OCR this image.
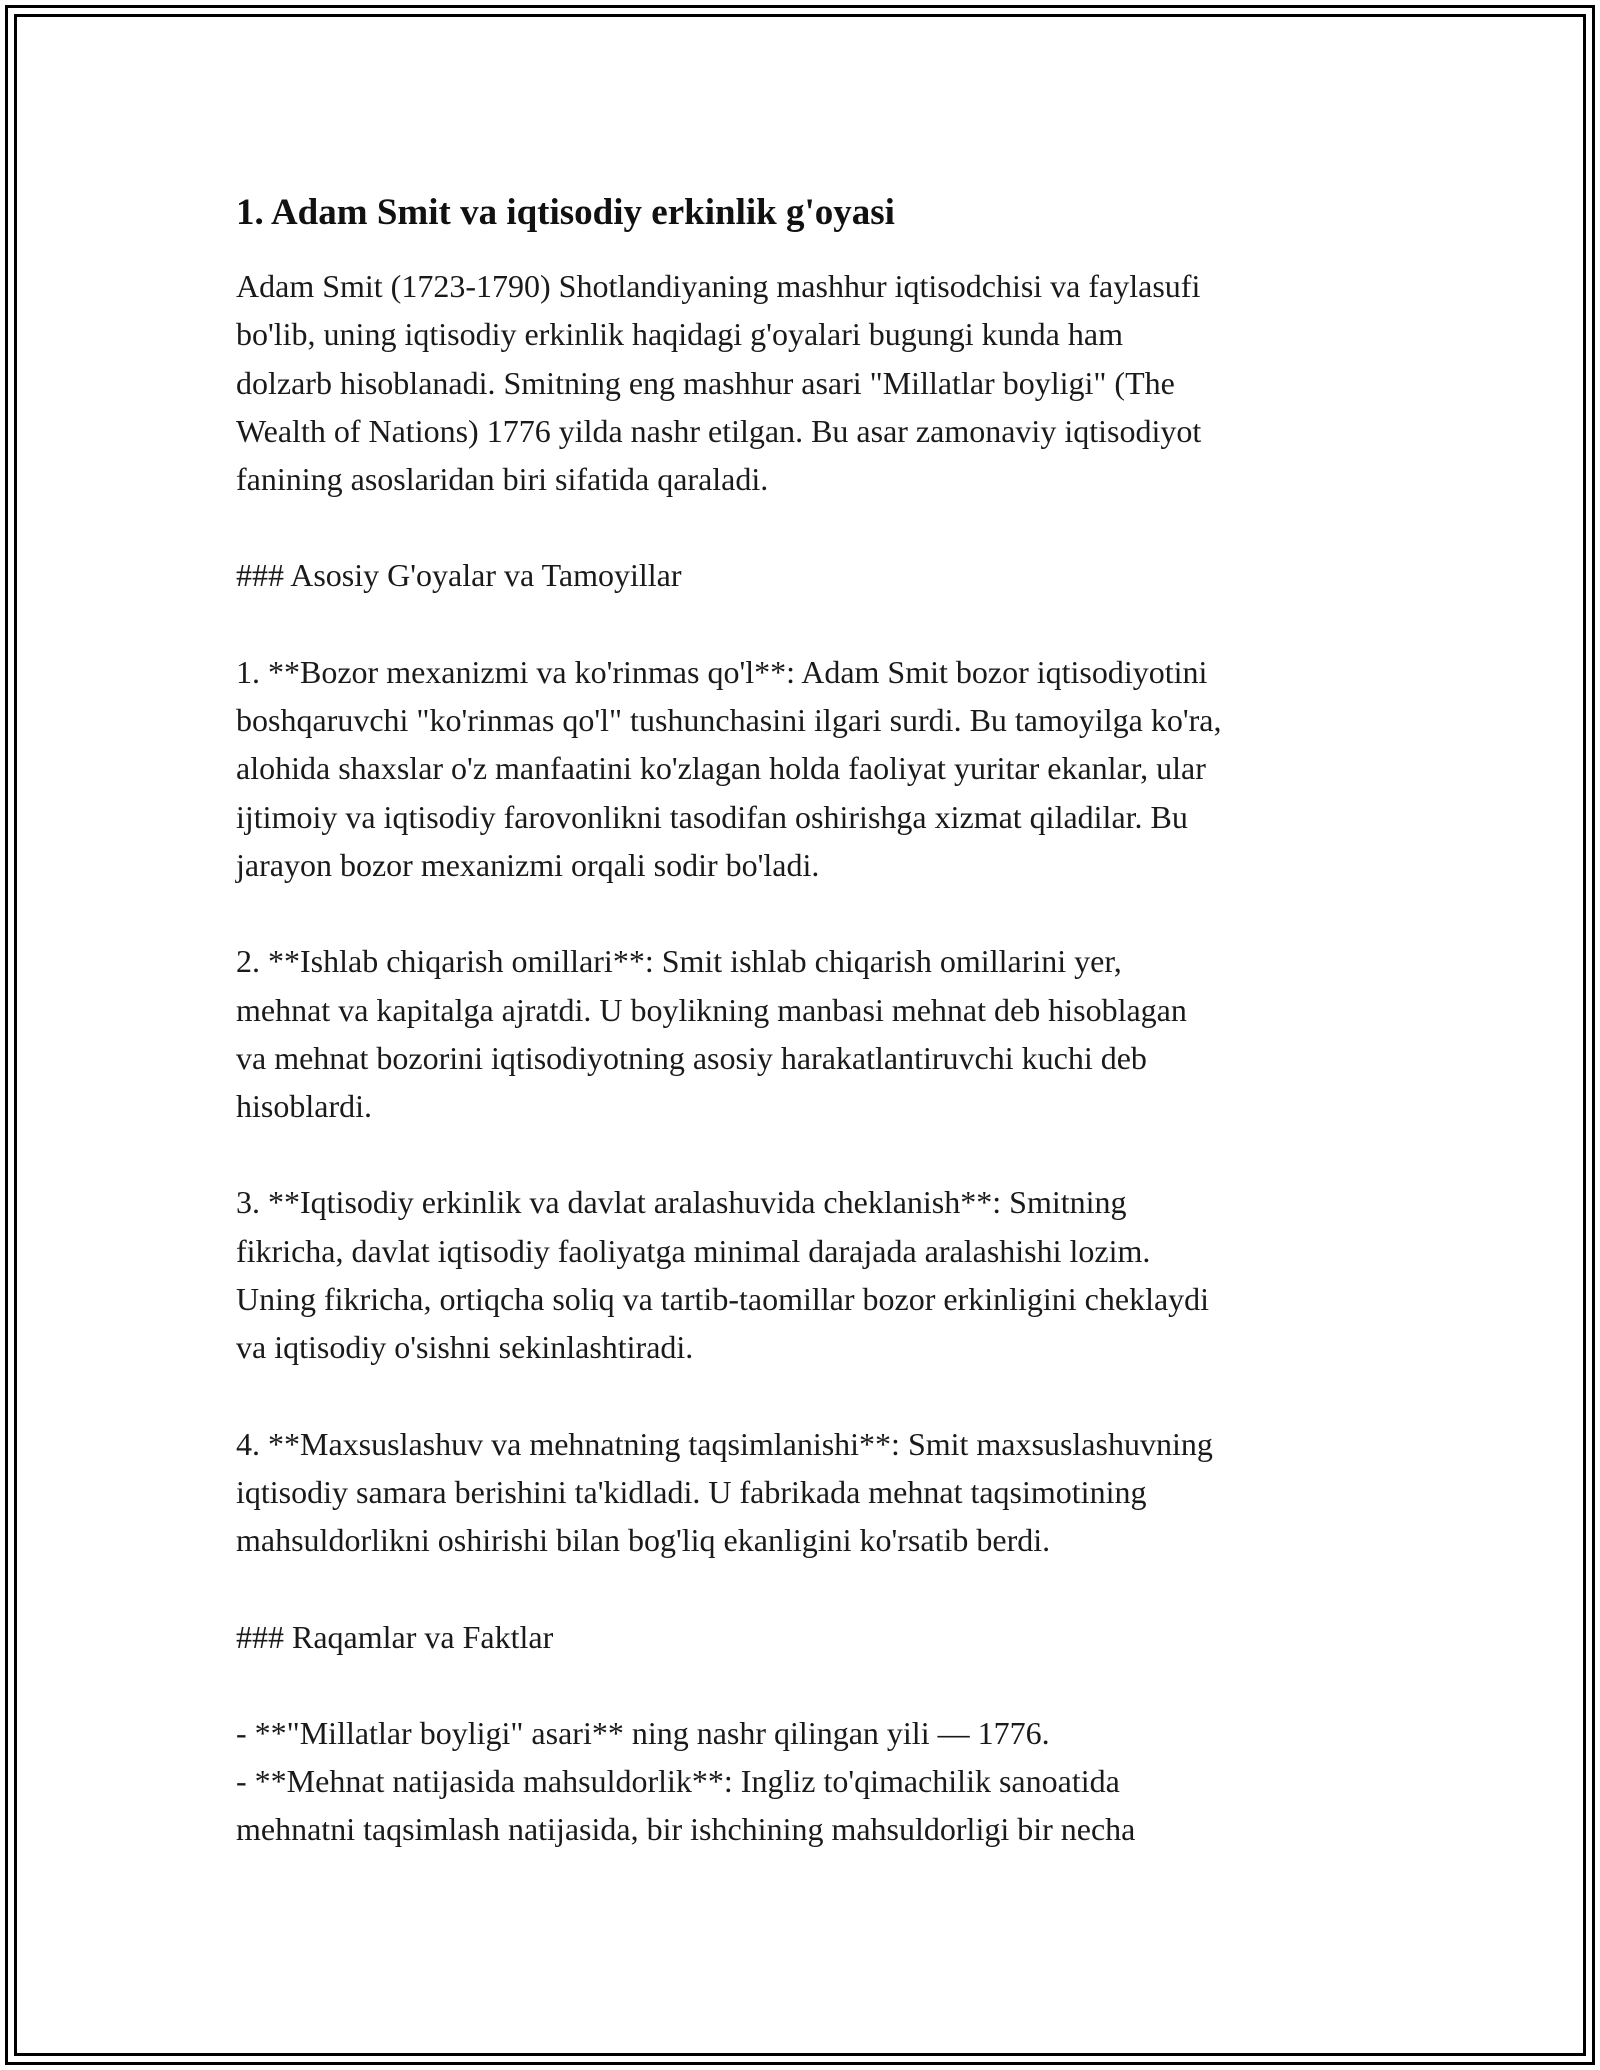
1. Adam Smit va iqtisodiy erkinlik g'oyasi
Adam Smit (1723-1790) Shotlandiyaning mashhur iqtisodchisi va faylasufi
bo'lib, uning iqtisodiy erkinlik haqidagi g'oyalari bugungi kunda ham
dolzarb hisoblanadi. Smitning eng mashhur asari "Millatlar boyligi" (The
Wealth of Nations) 1776 yilda nashr etilgan. Bu asar zamonaviy iqtisodiyot
fanining asoslaridan biri sifatida qaraladi.
### Asosiy G'oyalar va Tamoyillar
1. **Bozor mexanizmi va ko'rinmas qo'l**: Adam Smit bozor iqtisodiyotini
boshqaruvchi "ko'rinmas qo'l" tushunchasini ilgari surdi. Bu tamoyilga ko'ra,
alohida shaxslar o'z manfaatini ko'zlagan holda faoliyat yuritar ekanlar, ular
ijtimoiy va iqtisodiy farovonlikni tasodifan oshirishga xizmat qiladilar. Bu
jarayon bozor mexanizmi orqali sodir bo'ladi.
2. **Ishlab chiqarish omillari**: Smit ishlab chiqarish omillarini yer,
mehnat va kapitalga ajratdi. U boylikning manbasi mehnat deb hisoblagan
va mehnat bozorini iqtisodiyotning asosiy harakatlantiruvchi kuchi deb
hisoblardi.
3. **Iqtisodiy erkinlik va davlat aralashuvida cheklanish**: Smitning
fikricha, davlat iqtisodiy faoliyatga minimal darajada aralashishi lozim.
Uning fikricha, ortiqcha soliq va tartib-taomillar bozor erkinligini cheklaydi
va iqtisodiy o'sishni sekinlashtiradi.
4. **Maxsuslashuv va mehnatning taqsimlanishi**: Smit maxsuslashuvning
iqtisodiy samara berishini ta'kidladi. U fabrikada mehnat taqsimotining
mahsuldorlikni oshirishi bilan bog'liq ekanligini ko'rsatib berdi.
### Raqamlar va Faktlar
- **"Millatlar boyligi" asari** ning nashr qilingan yili — 1776.
- **Mehnat natijasida mahsuldorlik**: Ingliz to'qimachilik sanoatida
mehnatni taqsimlash natijasida, bir ishchining mahsuldorligi bir necha
